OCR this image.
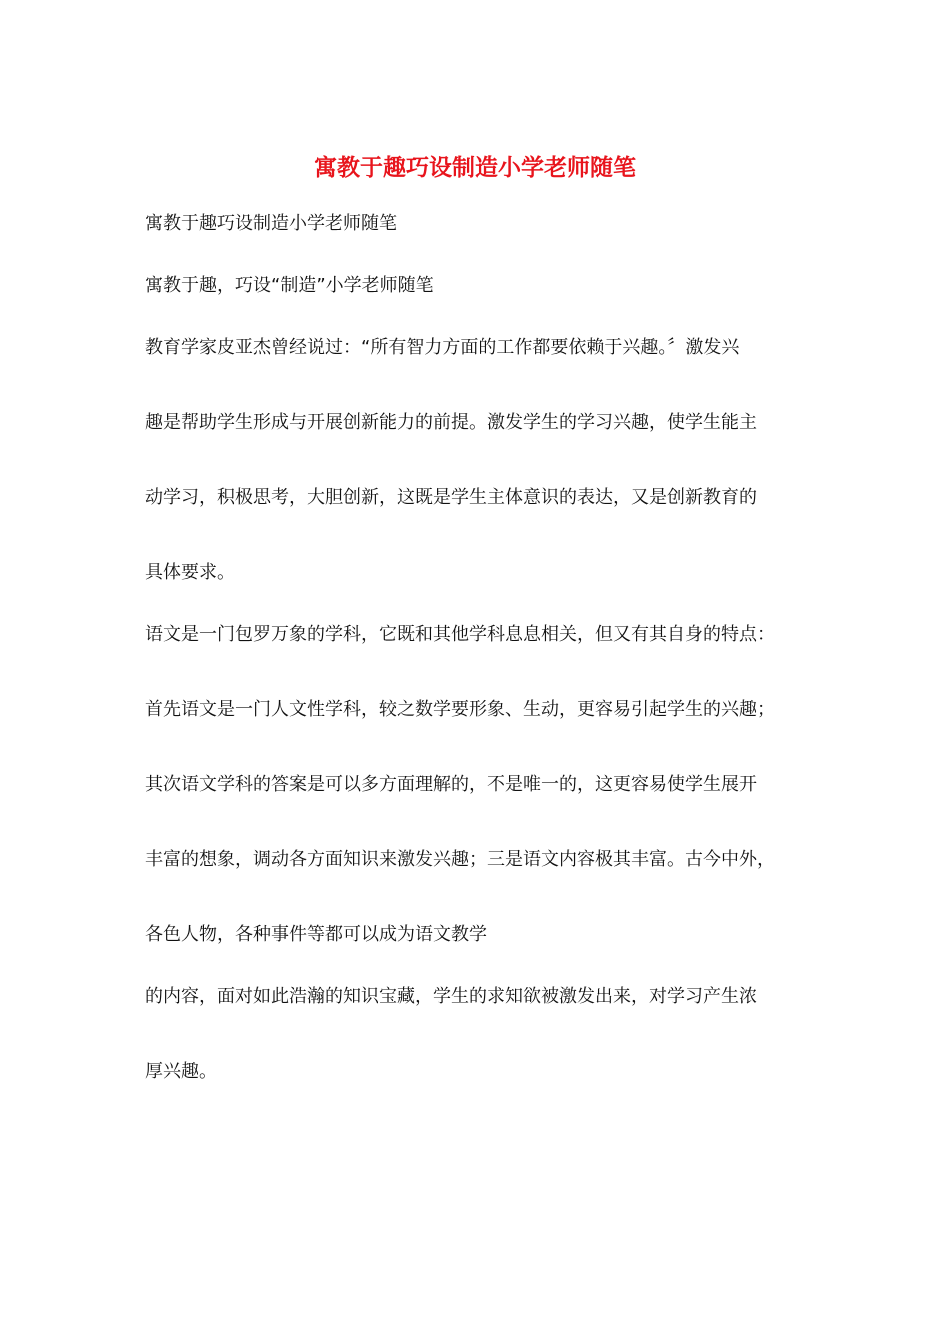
寓教于趣巧设制造小学老师随笔

寓教于趣巧设制造小学老师随笔

寓教于趣，巧设“制造”小学老师随笔

教育学家皮亚杰曾经说过：“所有智力方面的工作都要依赖于兴趣。〞激发兴

趣是帮助学生形成与开展创新能力的前提。激发学生的学习兴趣，使学生能主

动学习，积极思考，大胆创新，这既是学生主体意识的表达，又是创新教育的

具体要求。

语文是一门包罗万象的学科，它既和其他学科息息相关，但又有其自身的特点：

首先语文是一门人文性学科，较之数学要形象、生动，更容易引起学生的兴趣；

其次语文学科的答案是可以多方面理解的，不是唯一的，这更容易使学生展开

丰富的想象，调动各方面知识来激发兴趣；三是语文内容极其丰富。古今中外，

各色人物，各种事件等都可以成为语文教学

的内容，面对如此浩瀚的知识宝藏，学生的求知欲被激发出来，对学习产生浓

厚兴趣。
